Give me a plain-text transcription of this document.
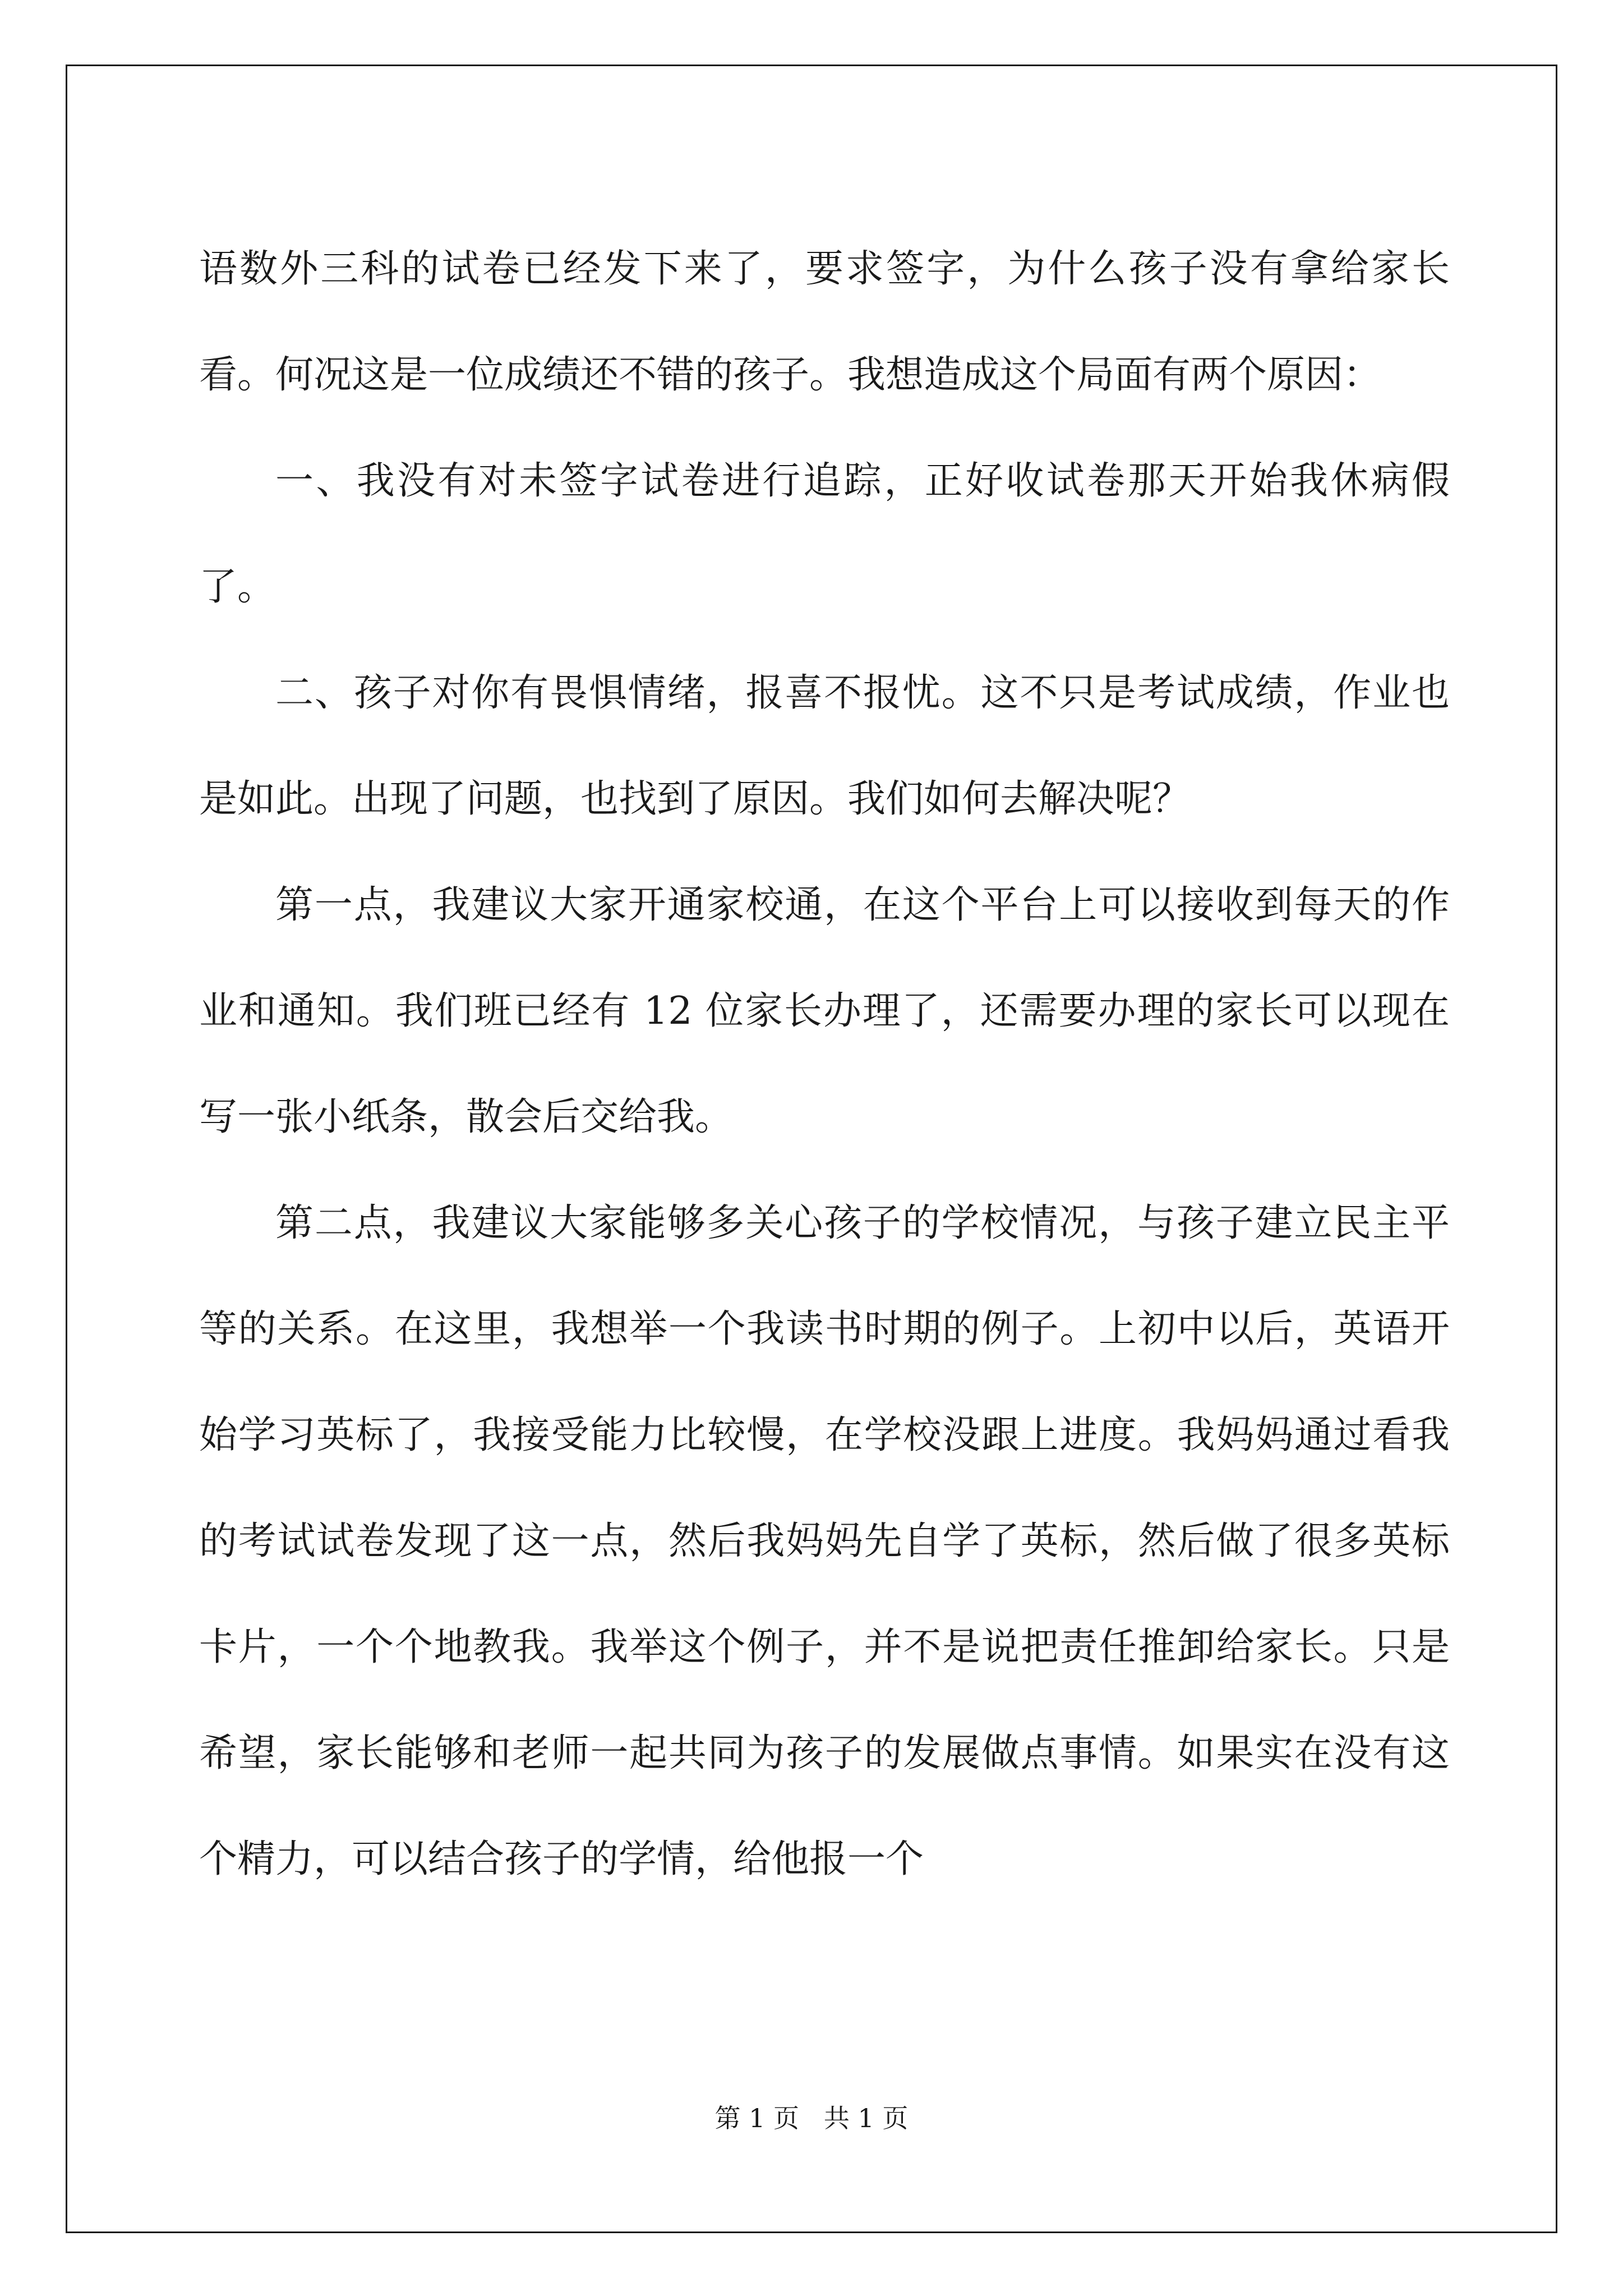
语数外三科的试卷已经发下来了，要求签字，为什么孩子没有拿给家长看。何况这是一位成绩还不错的孩子。我想造成这个局面有两个原因：

一、我没有对未签字试卷进行追踪，正好收试卷那天开始我休病假了。

二、孩子对你有畏惧情绪，报喜不报忧。这不只是考试成绩，作业也是如此。出现了问题，也找到了原因。我们如何去解决呢？

第一点，我建议大家开通家校通，在这个平台上可以接收到每天的作业和通知。我们班已经有 12 位家长办理了，还需要办理的家长可以现在写一张小纸条，散会后交给我。

第二点，我建议大家能够多关心孩子的学校情况，与孩子建立民主平等的关系。在这里，我想举一个我读书时期的例子。上初中以后，英语开始学习英标了，我接受能力比较慢，在学校没跟上进度。我妈妈通过看我的考试试卷发现了这一点，然后我妈妈先自学了英标，然后做了很多英标卡片，一个个地教我。我举这个例子，并不是说把责任推卸给家长。只是希望，家长能够和老师一起共同为孩子的发展做点事情。如果实在没有这个精力，可以结合孩子的学情，给他报一个

第 1 页   共 1 页
